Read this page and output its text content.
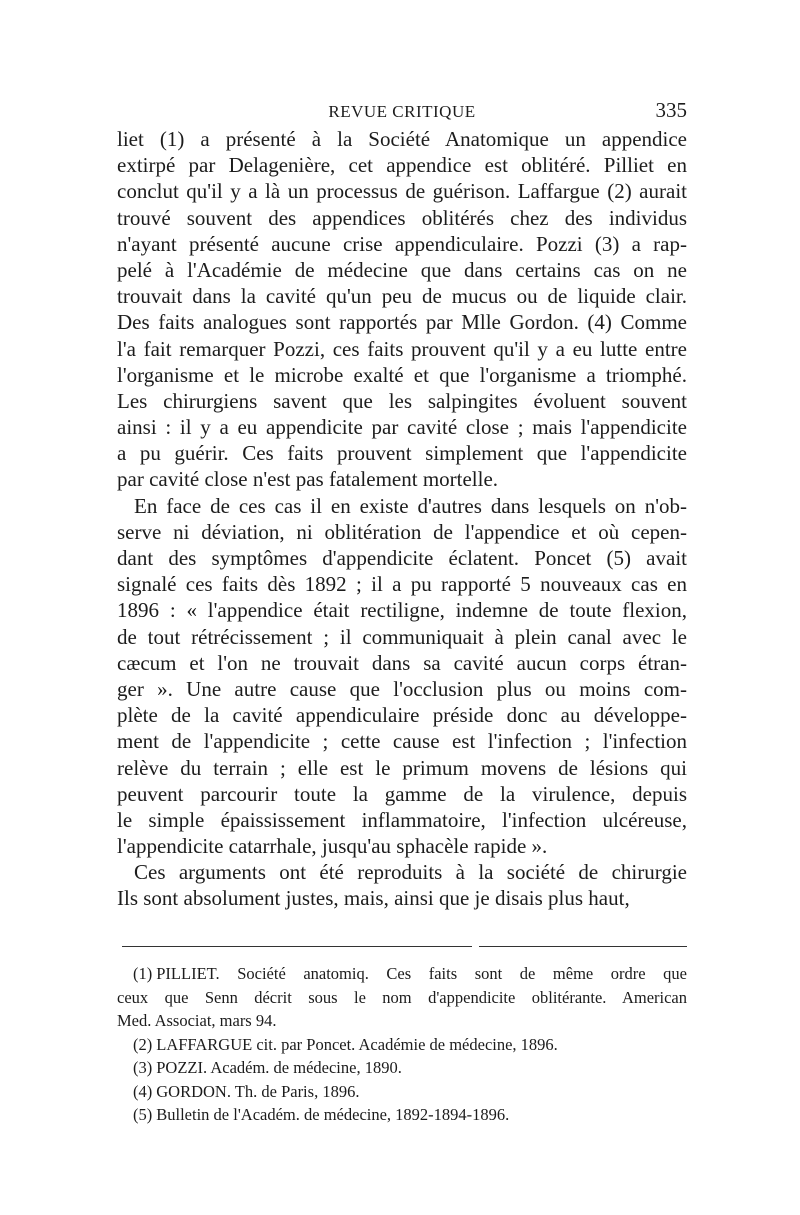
REVUE CRITIQUE	335
liet (1) a présenté à la Société Anatomique un appendice
extirpé par Delagenière, cet appendice est oblitéré. Pilliet en
conclut qu'il y a là un processus de guérison. Laffargue (2) aurait
trouvé souvent des appendices oblitérés chez des individus
n'ayant présenté aucune crise appendiculaire. Pozzi (3) a rap-
pelé à l'Académie de médecine que dans certains cas on ne
trouvait dans la cavité qu'un peu de mucus ou de liquide clair.
Des faits analogues sont rapportés par Mlle Gordon. (4) Comme
l'a fait remarquer Pozzi, ces faits prouvent qu'il y a eu lutte entre
l'organisme et le microbe exalté et que l'organisme a triomphé.
Les chirurgiens savent que les salpingites évoluent souvent
ainsi : il y a eu appendicite par cavité close ; mais l'appendicite
a pu guérir. Ces faits prouvent simplement que l'appendicite
par cavité close n'est pas fatalement mortelle.
En face de ces cas il en existe d'autres dans lesquels on n'ob-
serve ni déviation, ni oblitération de l'appendice et où cepen-
dant des symptômes d'appendicite éclatent. Poncet (5) avait
signalé ces faits dès 1892 ; il a pu rapporté 5 nouveaux cas en
1896 : « l'appendice était rectiligne, indemne de toute flexion,
de tout rétrécissement ; il communiquait à plein canal avec le
cæcum et l'on ne trouvait dans sa cavité aucun corps étran-
ger ». Une autre cause que l'occlusion plus ou moins com-
plète de la cavité appendiculaire préside donc au développe-
ment de l'appendicite ; cette cause est l'infection ; l'infection
relève du terrain ; elle est le primum movens de lésions qui
peuvent parcourir toute la gamme de la virulence, depuis
le simple épaississement inflammatoire, l'infection ulcéreuse,
l'appendicite catarrhale, jusqu'au sphacèle rapide ».
Ces arguments ont été reproduits à la société de chirurgie
Ils sont absolument justes, mais, ainsi que je disais plus haut,
(1) PILLIET. Société anatomiq. Ces faits sont de même ordre que
ceux que Senn décrit sous le nom d'appendicite oblitérante. American
Med. Associat, mars 94.
(2) LAFFARGUE cit. par Poncet. Académie de médecine, 1896.
(3) POZZI. Académ. de médecine, 1890.
(4) GORDON. Th. de Paris, 1896.
(5) Bulletin de l'Académ. de médecine, 1892-1894-1896.
